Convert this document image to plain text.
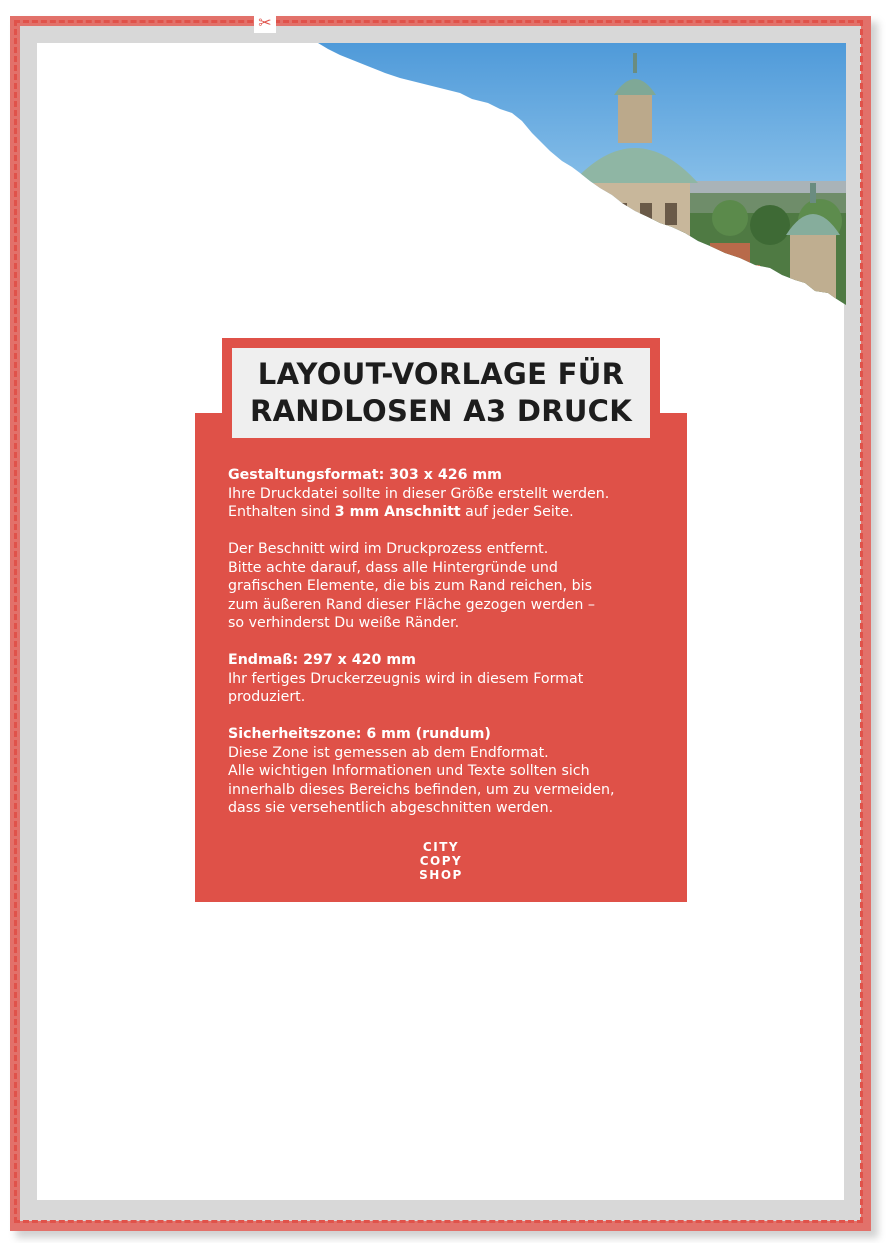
✂
LAYOUT-VORLAGE FÜR
RANDLOSEN A3 DRUCK

Gestaltungsformat: 303 x 426 mm
Ihre Druckdatei sollte in dieser Größe erstellt werden.
Enthalten sind 3 mm Anschnitt auf jeder Seite.

Der Beschnitt wird im Druckprozess entfernt.
Bitte achte darauf, dass alle Hintergründe und
grafischen Elemente, die bis zum Rand reichen, bis
zum äußeren Rand dieser Fläche gezogen werden –
so verhinderst Du weiße Ränder.

Endmaß: 297 x 420 mm
Ihr fertiges Druckerzeugnis wird in diesem Format
produziert.

Sicherheitszone: 6 mm (rundum)
Diese Zone ist gemessen ab dem Endformat.
Alle wichtigen Informationen und Texte sollten sich
innerhalb dieses Bereichs befinden, um zu vermeiden,
dass sie versehentlich abgeschnitten werden.

CITY
COPY
SHOP
